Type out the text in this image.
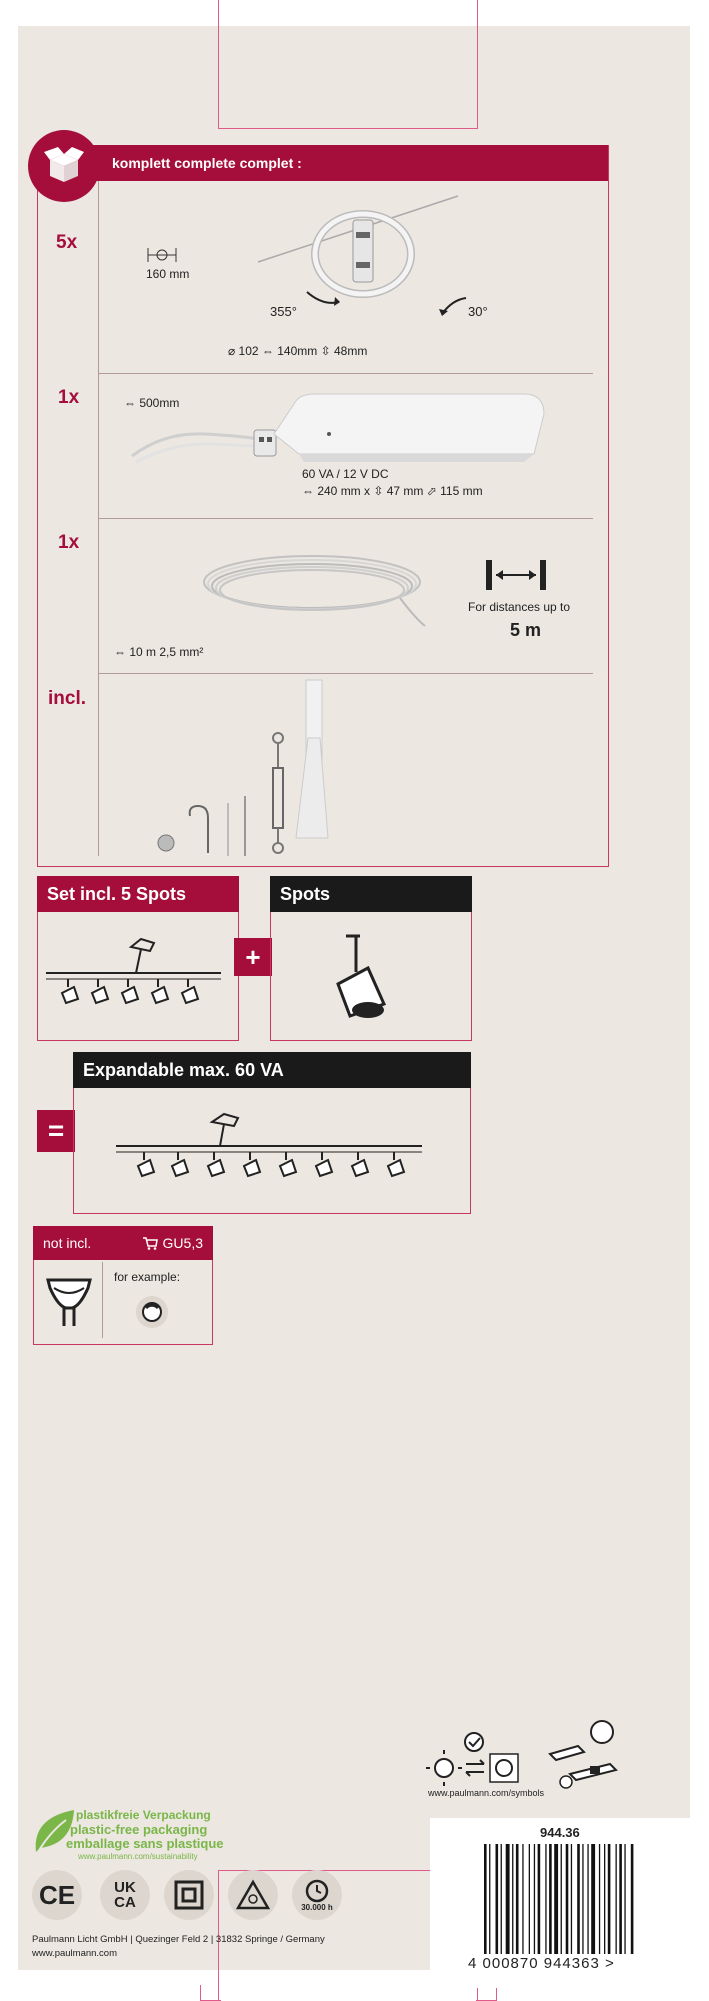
komplett complete complet :
5x
160 mm
355°	30°
⌀ 102 ⇔ 140mm ⇳ 48mm
1x	⇔ 500mm
60 VA / 12 V DC
⇔ 240 mm x ⇳ 47 mm ⬀ 115 mm
1x
For distances up to
5 m
⇔ 10 m 2,5 mm²
incl.
Set incl. 5 Spots
+
Spots
=
Expandable max. 60 VA
not incl.	GU5,3
for example:
www.paulmann.com/symbols
plastikfreie Verpackung
plastic-free packaging
emballage sans plastique
www.paulmann.com/sustainability
CE	UK
CA	30.000 h
Paulmann Licht GmbH | Quezinger Feld 2 | 31832 Springe / Germany
www.paulmann.com
944.36
4 000870 944363 >
